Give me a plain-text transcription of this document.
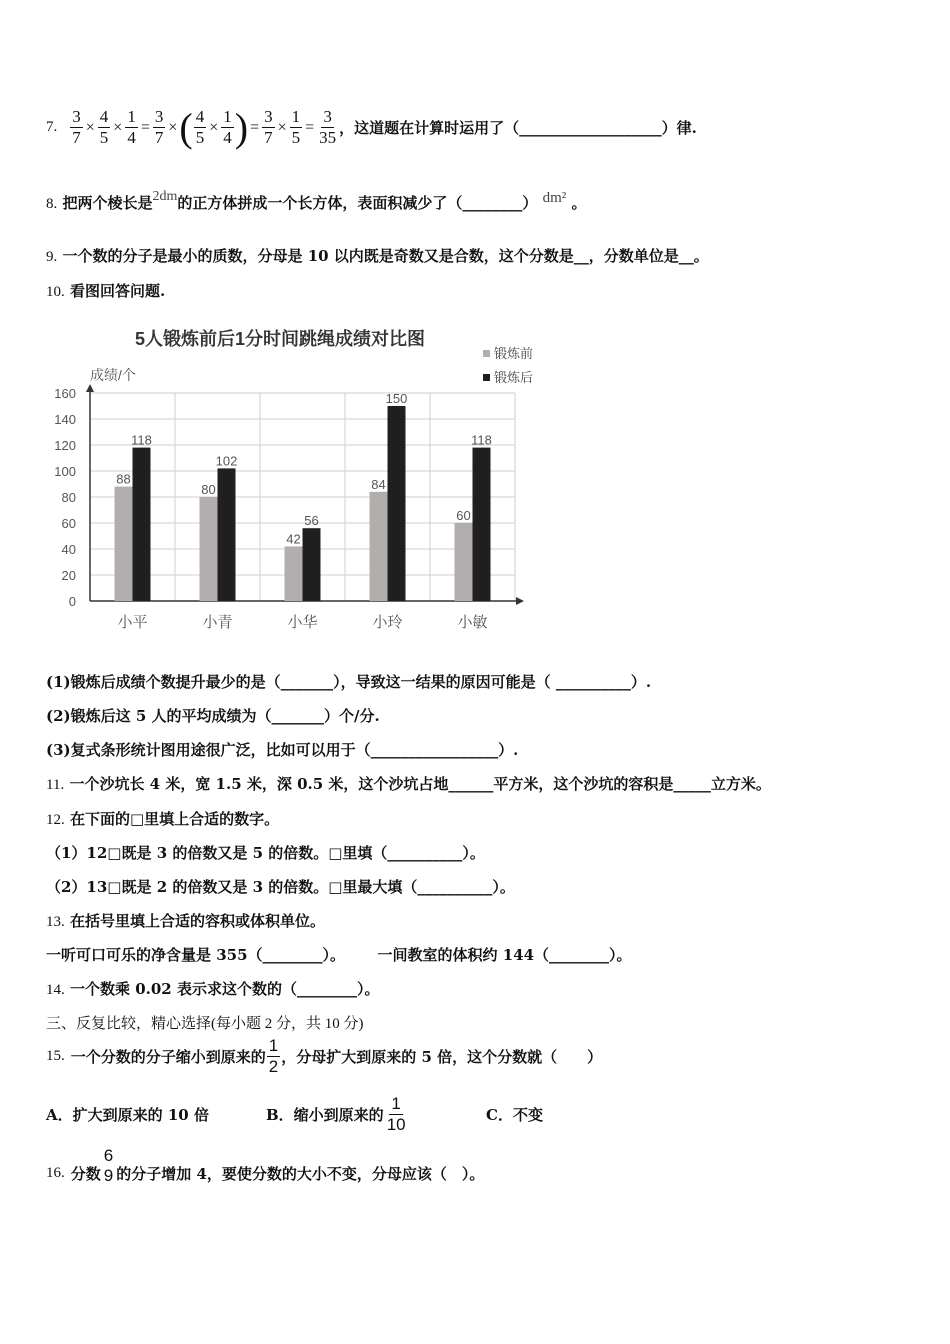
7. $\frac{3}{7} \times \frac{4}{5} \times \frac{1}{4} = \frac{3}{7}$ × ( $\frac{4}{5} \times \frac{1}{4}$ ) = $\frac{3}{7} \times \frac{1}{5} = \frac{3}{35}$ ，这道题在计算时运用了（___________________）律.
8. 把两个棱长是2dm的正方体拼成一个长方体，表面积减少了（________） dm² 。
9. 一个数的分子是最小的质数，分母是 10 以内既是奇数又是合数，这个分数是__，分数单位是__。
10. 看图回答问题.
5人锻炼前后1分时间跳绳成绩对比图
成绩/个
锻炼前
锻炼后
0
20
40
60
80
100
120
140
160
88
118
小平
80
102
小青
42
56
小华
84
150
小玲
60
118
小敏
(1)锻炼后成绩个数提升最少的是（_______），导致这一结果的原因可能是（ __________）.
(2)锻炼后这 5 人的平均成绩为（_______）个/分.
(3)复式条形统计图用途很广泛，比如可以用于（_________________）.
11. 一个沙坑长 4 米，宽 1.5 米，深 0.5 米，这个沙坑占地______平方米，这个沙坑的容积是_____立方米。
12. 在下面的□里填上合适的数字。
（1）12□既是 3 的倍数又是 5 的倍数。□里填（__________）。
（2）13□既是 2 的倍数又是 3 的倍数。□里最大填（__________）。
13. 在括号里填上合适的容积或体积单位。
一听可口可乐的净含量是 355（________）。 一间教室的体积约 144（________）。
14. 一个数乘 0.02 表示求这个数的（________）。
三、反复比较，精心选择(每小题 2 分，共 10 分)
15. 一个分数的分子缩小到原来的 $\frac{1}{2}$ ，分母扩大到原来的 5 倍，这个分数就（　　）
A．扩大到原来的 10 倍	B．缩小到原来的 $\frac{1}{10}$	C．不变
16. 分数
6
9 的分子增加 4，要使分数的大小不变，分母应该（　）。
